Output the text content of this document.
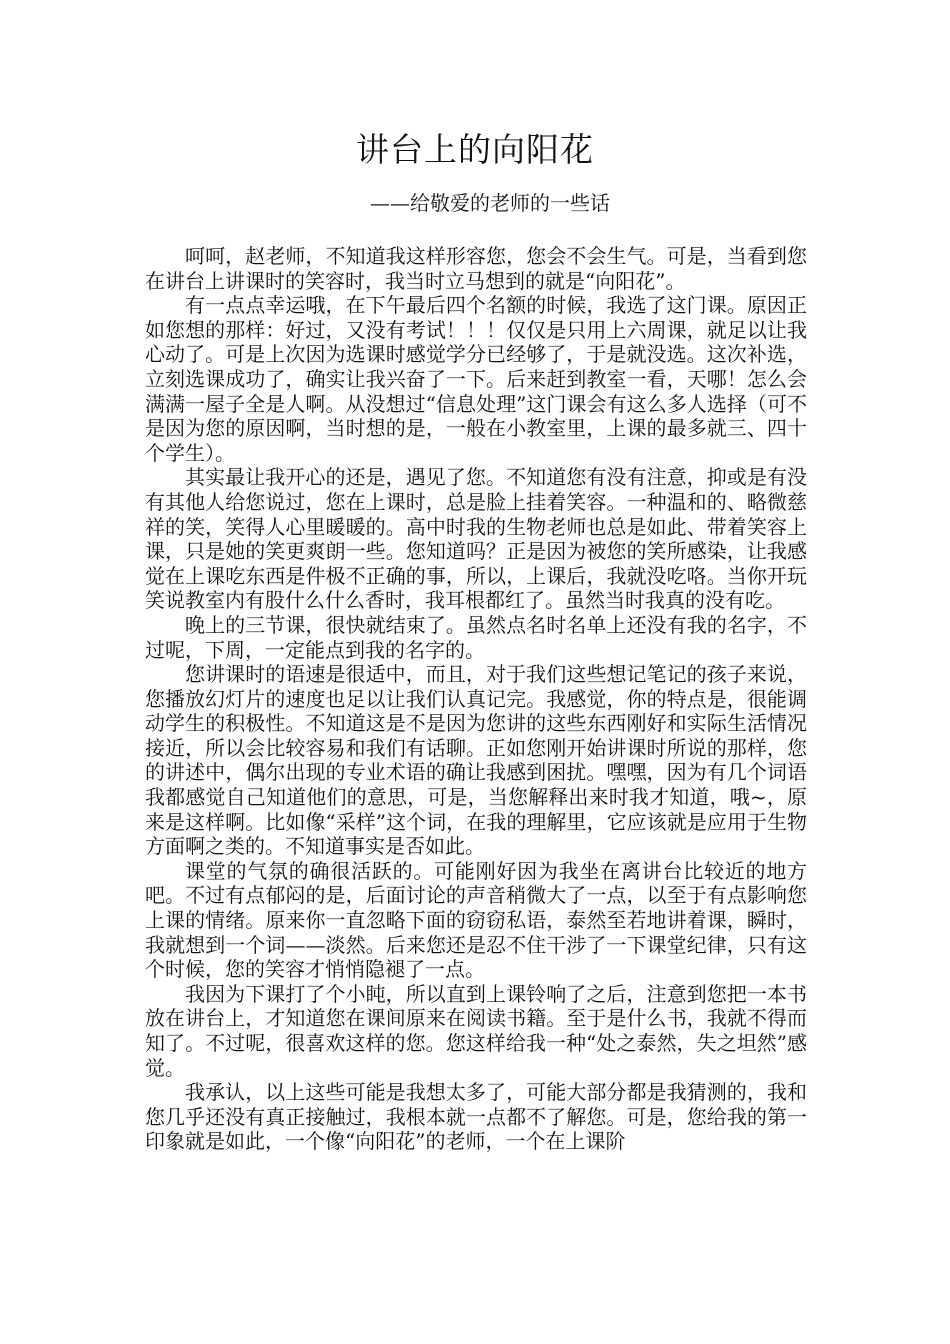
讲台上的向阳花
——给敬爱的老师的一些话

呵呵，赵老师，不知道我这样形容您，您会不会生气。可是，当看到您在讲台上讲课时的笑容时，我当时立马想到的就是“向阳花”。

有一点点幸运哦，在下午最后四个名额的时候，我选了这门课。原因正如您想的那样：好过，又没有考试！！！仅仅是只用上六周课，就足以让我心动了。可是上次因为选课时感觉学分已经够了，于是就没选。这次补选，立刻选课成功了，确实让我兴奋了一下。后来赶到教室一看，天哪！怎么会满满一屋子全是人啊。从没想过“信息处理”这门课会有这么多人选择（可不是因为您的原因啊，当时想的是，一般在小教室里，上课的最多就三、四十个学生）。

其实最让我开心的还是，遇见了您。不知道您有没有注意，抑或是有没有其他人给您说过，您在上课时，总是脸上挂着笑容。一种温和的、略微慈祥的笑，笑得人心里暖暖的。高中时我的生物老师也总是如此、带着笑容上课，只是她的笑更爽朗一些。您知道吗？正是因为被您的笑所感染，让我感觉在上课吃东西是件极不正确的事，所以，上课后，我就没吃咯。当你开玩笑说教室内有股什么什么香时，我耳根都红了。虽然当时我真的没有吃。

晚上的三节课，很快就结束了。虽然点名时名单上还没有我的名字，不过呢，下周，一定能点到我的名字的。

您讲课时的语速是很适中，而且，对于我们这些想记笔记的孩子来说，您播放幻灯片的速度也足以让我们认真记完。我感觉，你的特点是，很能调动学生的积极性。不知道这是不是因为您讲的这些东西刚好和实际生活情况接近，所以会比较容易和我们有话聊。正如您刚开始讲课时所说的那样，您的讲述中，偶尔出现的专业术语的确让我感到困扰。嘿嘿，因为有几个词语我都感觉自己知道他们的意思，可是，当您解释出来时我才知道，哦~，原来是这样啊。比如像“采样”这个词，在我的理解里，它应该就是应用于生物方面啊之类的。不知道事实是否如此。

课堂的气氛的确很活跃的。可能刚好因为我坐在离讲台比较近的地方吧。不过有点郁闷的是，后面讨论的声音稍微大了一点，以至于有点影响您上课的情绪。原来你一直忽略下面的窃窃私语，泰然至若地讲着课，瞬时，我就想到一个词——淡然。后来您还是忍不住干涉了一下课堂纪律，只有这个时候，您的笑容才悄悄隐褪了一点。

我因为下课打了个小盹，所以直到上课铃响了之后，注意到您把一本书放在讲台上，才知道您在课间原来在阅读书籍。至于是什么书，我就不得而知了。不过呢，很喜欢这样的您。您这样给我一种“处之泰然，失之坦然”感觉。

我承认，以上这些可能是我想太多了，可能大部分都是我猜测的，我和您几乎还没有真正接触过，我根本就一点都不了解您。可是，您给我的第一印象就是如此，一个像“向阳花”的老师，一个在上课阶
